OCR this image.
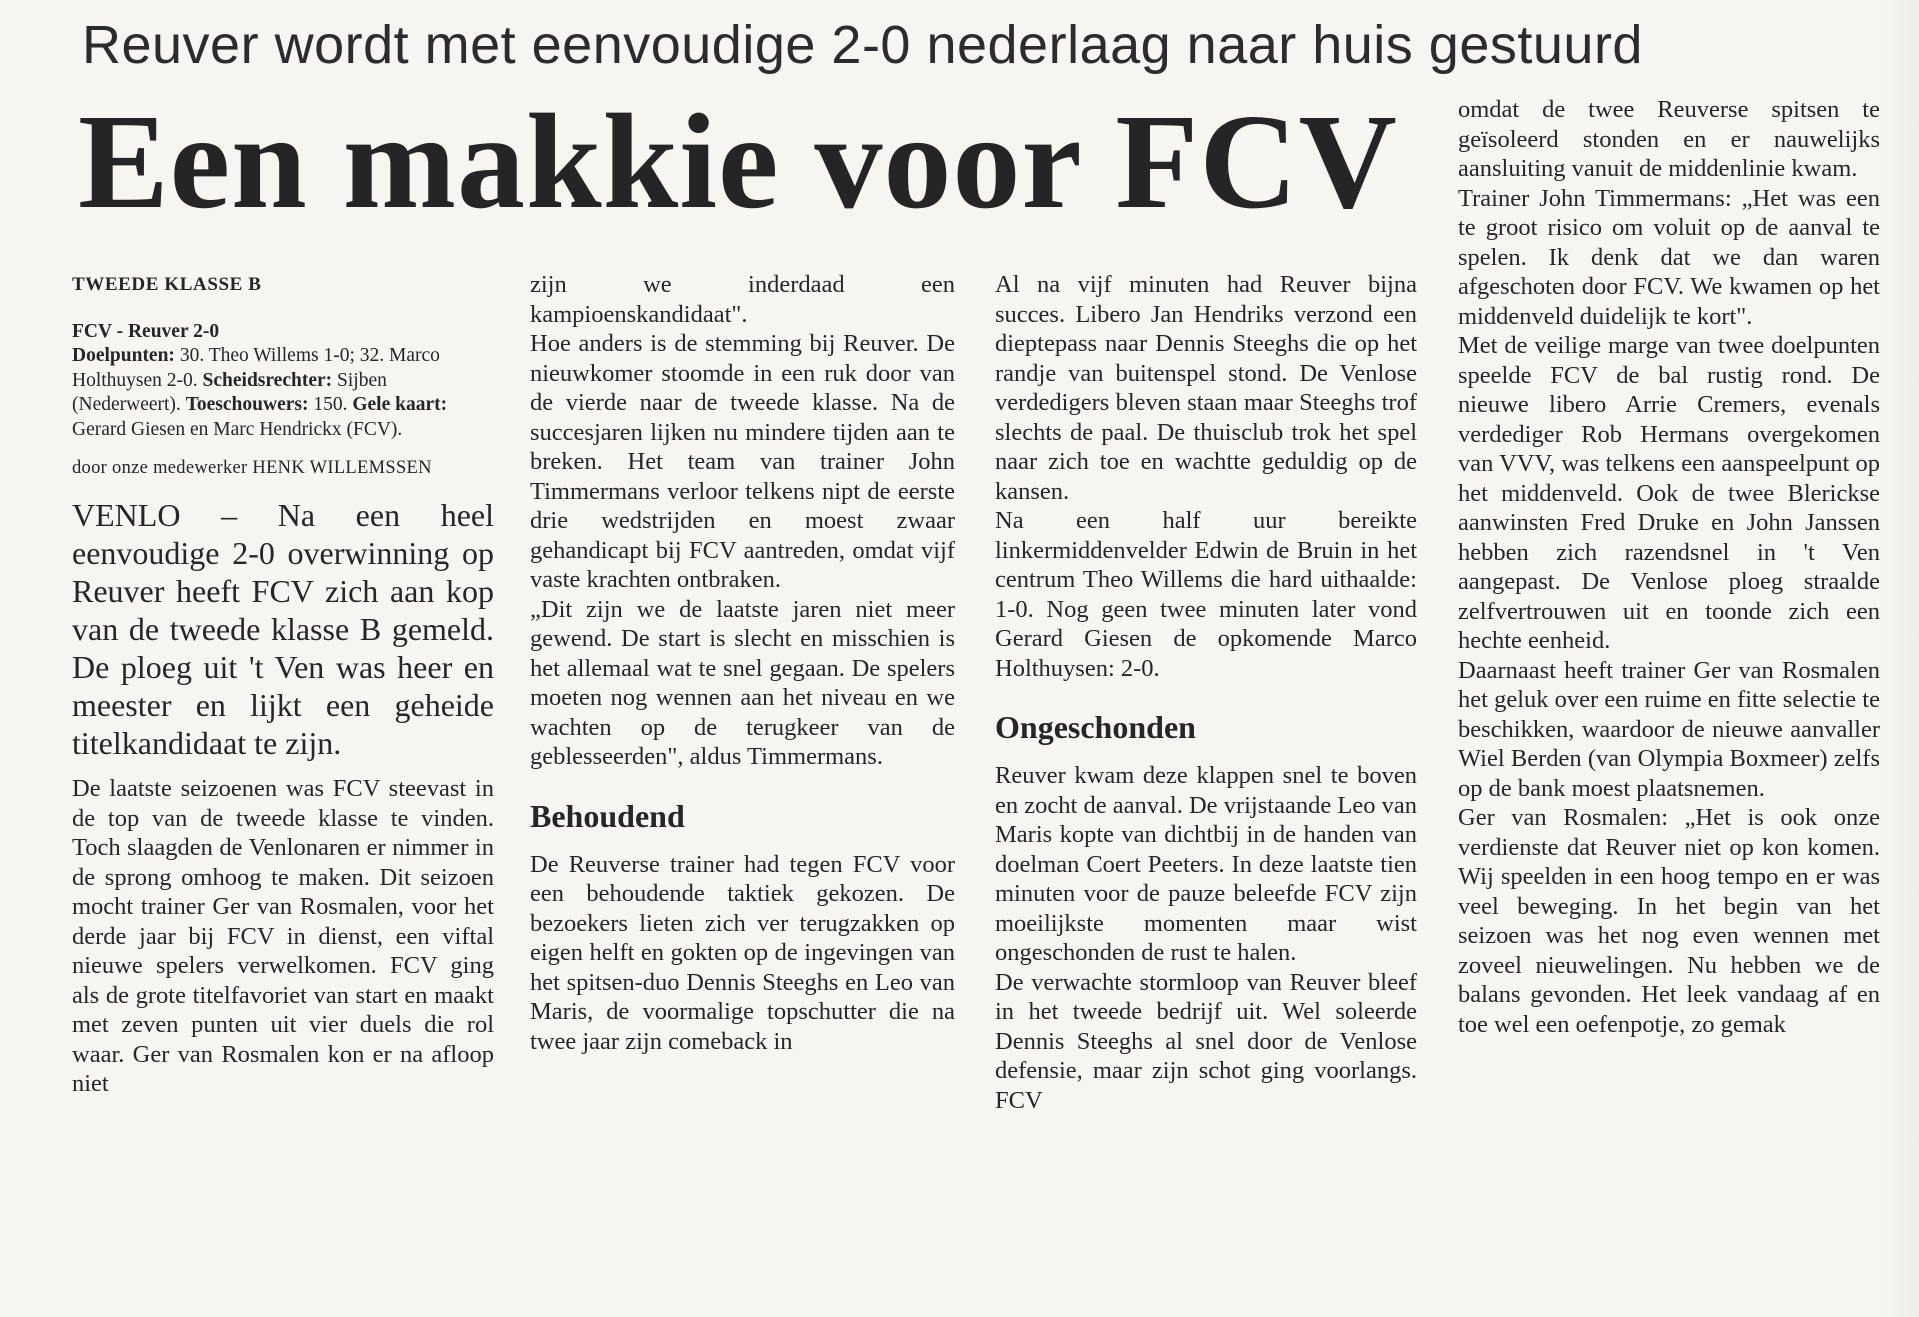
Reuver wordt met eenvoudige 2-0 nederlaag naar huis gestuurd
Een makkie voor FCV

TWEEDE KLASSE B

FCV - Reuver 2-0
Doelpunten: 30. Theo Willems 1-0; 32. Marco Holthuysen 2-0. Scheidsrechter: Sijben (Nederweert). Toeschouwers: 150. Gele kaart: Gerard Giesen en Marc Hendrickx (FCV).

door onze medewerker HENK WILLEMSSEN

VENLO – Na een heel eenvoudige 2-0 overwinning op Reuver heeft FCV zich aan kop van de tweede klasse B gemeld. De ploeg uit 't Ven was heer en meester en lijkt een geheide titelkandidaat te zijn.

De laatste seizoenen was FCV steevast in de top van de tweede klasse te vinden. Toch slaagden de Venlonaren er nimmer in de sprong omhoog te maken. Dit seizoen mocht trainer Ger van Rosmalen, voor het derde jaar bij FCV in dienst, een viftal nieuwe spelers verwelkomen. FCV ging als de grote titelfavoriet van start en maakt met zeven punten uit vier duels die rol waar. Ger van Rosmalen kon er na afloop niet

zijn we inderdaad een kampioenskandidaat".

Hoe anders is de stemming bij Reuver. De nieuwkomer stoomde in een ruk door van de vierde naar de tweede klasse. Na de succesjaren lijken nu mindere tijden aan te breken. Het team van trainer John Timmermans verloor telkens nipt de eerste drie wedstrijden en moest zwaar gehandicapt bij FCV aantreden, omdat vijf vaste krachten ontbraken.

„Dit zijn we de laatste jaren niet meer gewend. De start is slecht en misschien is het allemaal wat te snel gegaan. De spelers moeten nog wennen aan het niveau en we wachten op de terugkeer van de geblesseerden", aldus Timmermans.

Behoudend

De Reuverse trainer had tegen FCV voor een behoudende taktiek gekozen. De bezoekers lieten zich ver terugzakken op eigen helft en gokten op de ingevingen van het spitsen-duo Dennis Steeghs en Leo van Maris, de voormalige topschutter die na twee jaar zijn comeback in

Al na vijf minuten had Reuver bijna succes. Libero Jan Hendriks verzond een dieptepass naar Dennis Steeghs die op het randje van buitenspel stond. De Venlose verdedigers bleven staan maar Steeghs trof slechts de paal. De thuisclub trok het spel naar zich toe en wachtte geduldig op de kansen.

Na een half uur bereikte linkermiddenvelder Edwin de Bruin in het centrum Theo Willems die hard uithaalde: 1-0. Nog geen twee minuten later vond Gerard Giesen de opkomende Marco Holthuysen: 2-0.

Ongeschonden

Reuver kwam deze klappen snel te boven en zocht de aanval. De vrijstaande Leo van Maris kopte van dichtbij in de handen van doelman Coert Peeters. In deze laatste tien minuten voor de pauze beleefde FCV zijn moeilijkste momenten maar wist ongeschonden de rust te halen.

De verwachte stormloop van Reuver bleef in het tweede bedrijf uit. Wel soleerde Dennis Steeghs al snel door de Venlose defensie, maar zijn schot ging voorlangs. FCV

omdat de twee Reuverse spitsen te geïsoleerd stonden en er nauwelijks aansluiting vanuit de middenlinie kwam.

Trainer John Timmermans: „Het was een te groot risico om voluit op de aanval te spelen. Ik denk dat we dan waren afgeschoten door FCV. We kwamen op het middenveld duidelijk te kort".

Met de veilige marge van twee doelpunten speelde FCV de bal rustig rond. De nieuwe libero Arrie Cremers, evenals verdediger Rob Hermans overgekomen van VVV, was telkens een aanspeelpunt op het middenveld. Ook de twee Blerickse aanwinsten Fred Druke en John Janssen hebben zich razendsnel in 't Ven aangepast. De Venlose ploeg straalde zelfvertrouwen uit en toonde zich een hechte eenheid.

Daarnaast heeft trainer Ger van Rosmalen het geluk over een ruime en fitte selectie te beschikken, waardoor de nieuwe aanvaller Wiel Berden (van Olympia Boxmeer) zelfs op de bank moest plaatsnemen.

Ger van Rosmalen: „Het is ook onze verdienste dat Reuver niet op kon komen. Wij speelden in een hoog tempo en er was veel beweging. In het begin van het seizoen was het nog even wennen met zoveel nieuwelingen. Nu hebben we de balans gevonden. Het leek vandaag af en toe wel een oefenpotje, zo gemak
